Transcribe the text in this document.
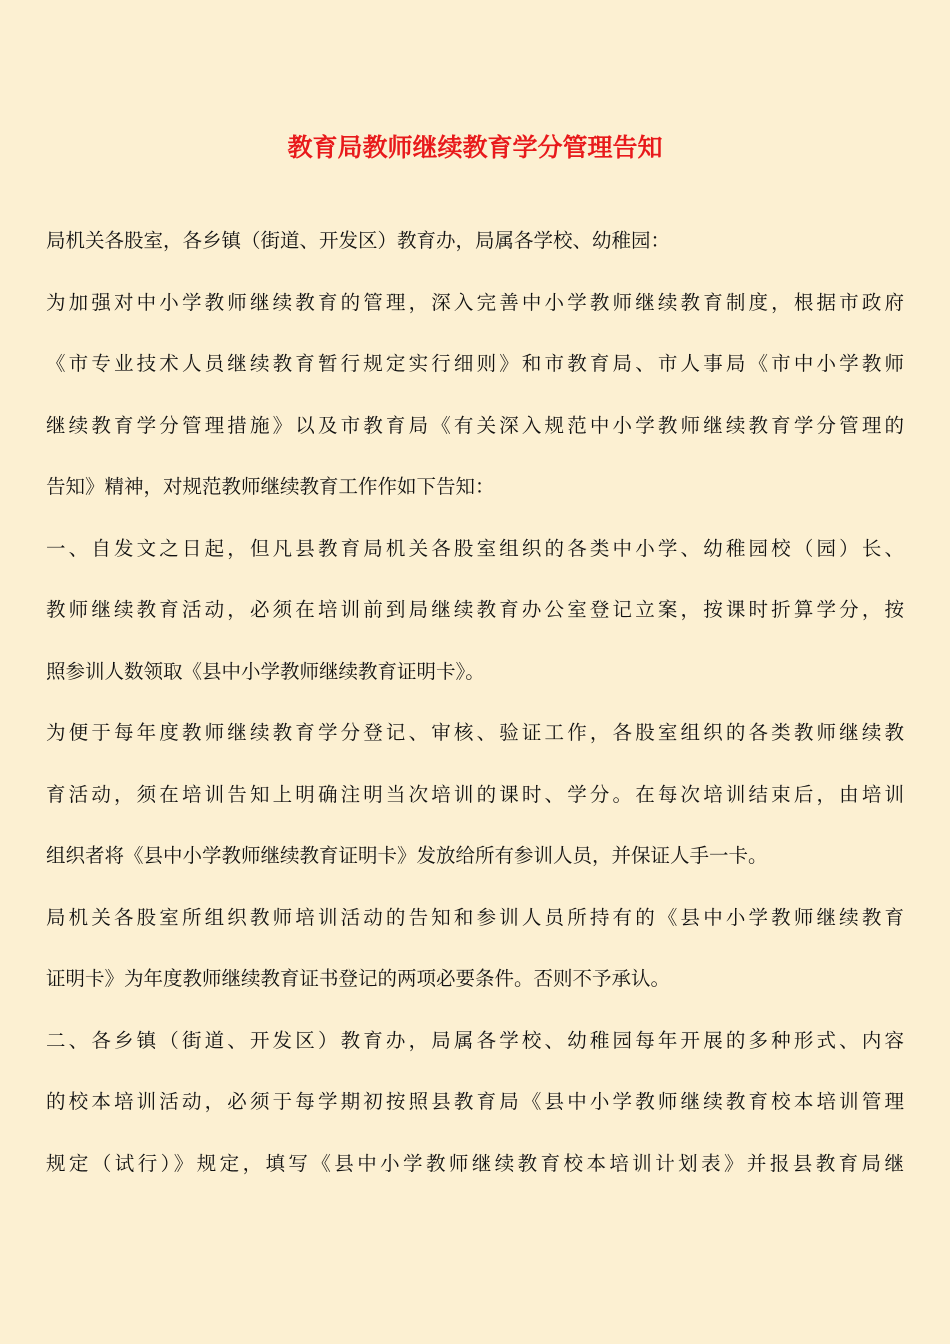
教育局教师继续教育学分管理告知
局机关各股室，各乡镇（街道、开发区）教育办，局属各学校、幼稚园：
为加强对中小学教师继续教育的管理，深入完善中小学教师继续教育制度，根据市政府
《市专业技术人员继续教育暂行规定实行细则》和市教育局、市人事局《市中小学教师
继续教育学分管理措施》以及市教育局《有关深入规范中小学教师继续教育学分管理的
告知》精神，对规范教师继续教育工作作如下告知：
一、自发文之日起，但凡县教育局机关各股室组织的各类中小学、幼稚园校（园）长、
教师继续教育活动，必须在培训前到局继续教育办公室登记立案，按课时折算学分，按
照参训人数领取《县中小学教师继续教育证明卡》。
为便于每年度教师继续教育学分登记、审核、验证工作，各股室组织的各类教师继续教
育活动，须在培训告知上明确注明当次培训的课时、学分。在每次培训结束后，由培训
组织者将《县中小学教师继续教育证明卡》发放给所有参训人员，并保证人手一卡。
局机关各股室所组织教师培训活动的告知和参训人员所持有的《县中小学教师继续教育
证明卡》为年度教师继续教育证书登记的两项必要条件。否则不予承认。
二、各乡镇（街道、开发区）教育办，局属各学校、幼稚园每年开展的多种形式、内容
的校本培训活动，必须于每学期初按照县教育局《县中小学教师继续教育校本培训管理
规定（试行）》规定，填写《县中小学教师继续教育校本培训计划表》并报县教育局继
